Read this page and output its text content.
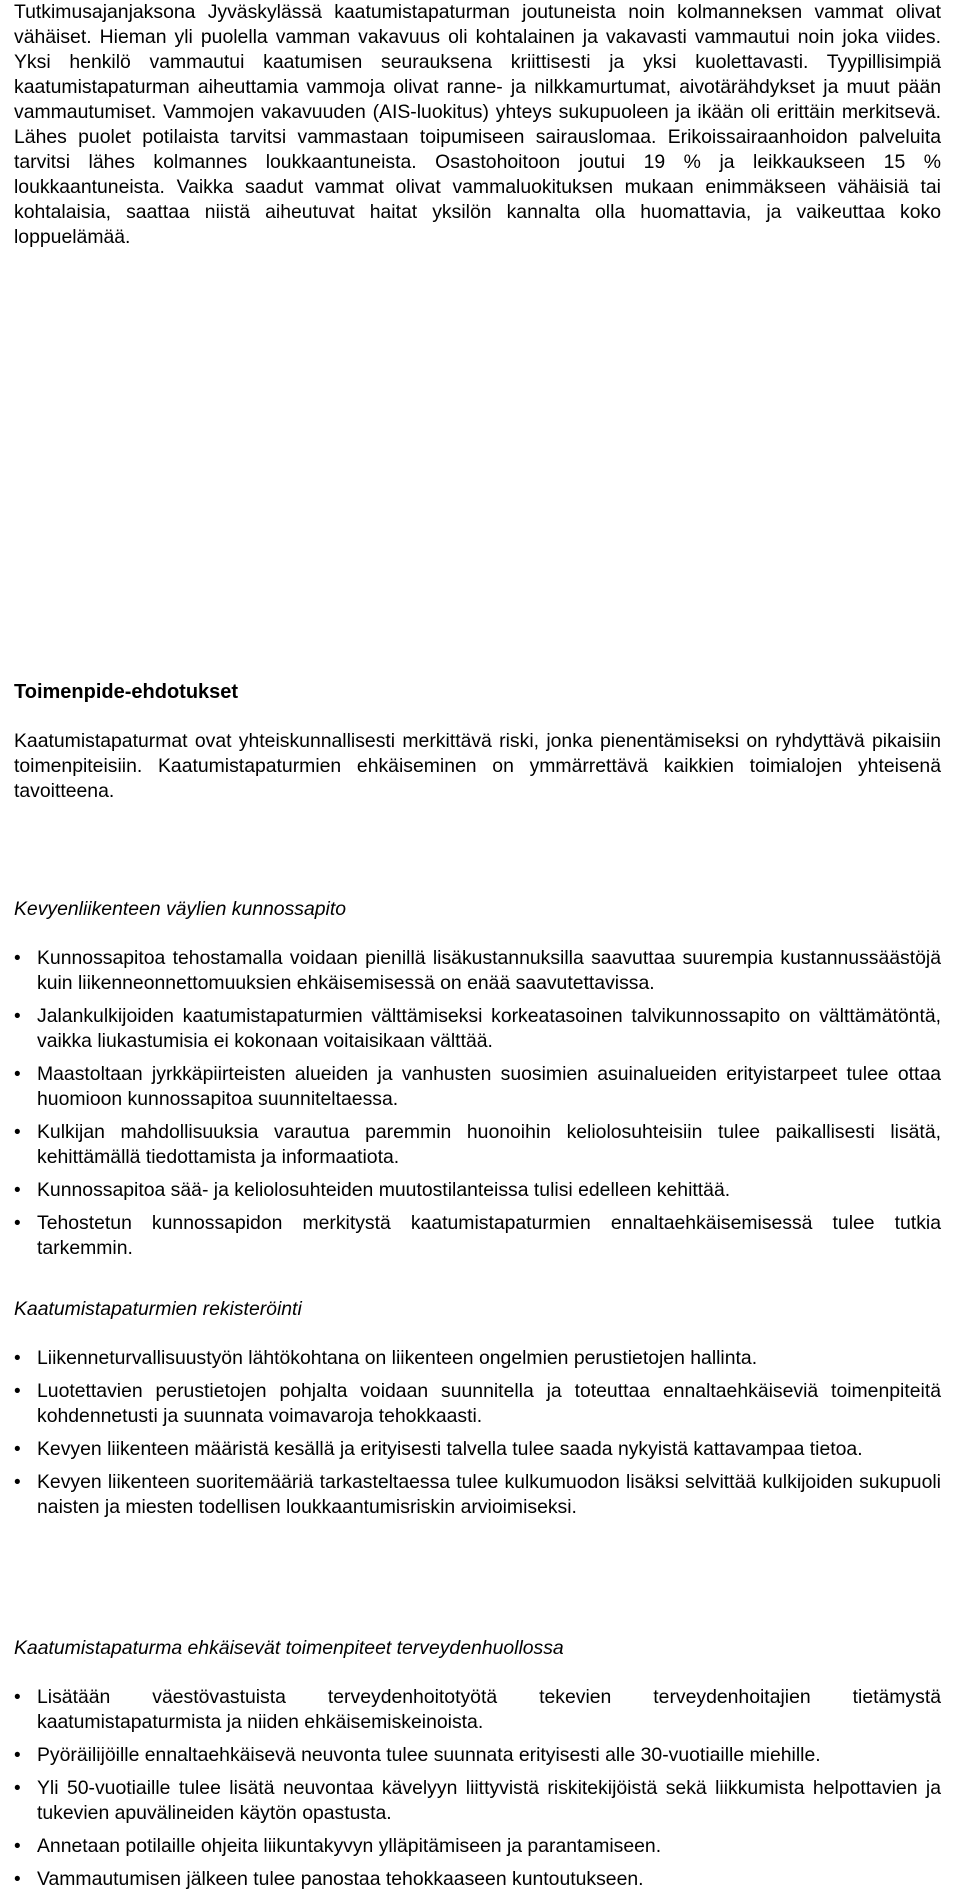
Tutkimusajanjaksona Jyväskylässä kaatumistapaturman joutuneista noin kolmanneksen vammat olivat vähäiset. Hieman yli puolella vamman vakavuus oli kohtalainen ja vakavasti vammautui noin joka viides. Yksi henkilö vammautui kaatumisen seurauksena kriittisesti ja yksi kuolettavasti. Tyypillisimpiä kaatumistapaturman aiheuttamia vammoja olivat ranne- ja nilkkamurtumat, aivotärähdykset ja muut pään vammautumiset. Vammojen vakavuuden (AIS-luokitus) yhteys sukupuoleen ja ikään oli erittäin merkitsevä. Lähes puolet potilaista tarvitsi vammastaan toipumiseen sairauslomaa. Erikoissairaanhoidon palveluita tarvitsi lähes kolmannes loukkaantuneista. Osastohoitoon joutui 19 % ja leikkaukseen 15 % loukkaantuneista. Vaikka saadut vammat olivat vammaluokituksen mukaan enimmäkseen vähäisiä tai kohtalaisia, saattaa niistä aiheutuvat haitat yksilön kannalta olla huomattavia, ja vaikeuttaa koko loppuelämää.

Toimenpide-ehdotukset

Kaatumistapaturmat ovat yhteiskunnallisesti merkittävä riski, jonka pienentämiseksi on ryhdyttävä pikaisiin toimenpiteisiin. Kaatumistapaturmien ehkäiseminen on ymmärrettävä kaikkien toimialojen yhteisenä tavoitteena.

Kevyenliikenteen väylien kunnossapito
• Kunnossapitoa tehostamalla voidaan pienillä lisäkustannuksilla saavuttaa suurempia kustannussäästöjä kuin liikenneonnettomuuksien ehkäisemisessä on enää saavutettavissa.
• Jalankulkijoiden kaatumistapaturmien välttämiseksi korkeatasoinen talvikunnossapito on välttämätöntä, vaikka liukastumisia ei kokonaan voitaisikaan välttää.
• Maastoltaan jyrkkäpiirteisten alueiden ja vanhusten suosimien asuinalueiden erityistarpeet tulee ottaa huomioon kunnossapitoa suunniteltaessa.
• Kulkijan mahdollisuuksia varautua paremmin huonoihin keliolosuhteisiin tulee paikallisesti lisätä, kehittämällä tiedottamista ja informaatiota.
• Kunnossapitoa sää- ja keliolosuhteiden muutostilanteissa tulisi edelleen kehittää.
• Tehostetun kunnossapidon merkitystä kaatumistapaturmien ennaltaehkäisemisessä tulee tutkia tarkemmin.
Kaatumistapaturmien rekisteröinti
• Liikenneturvallisuustyön lähtökohtana on liikenteen ongelmien perustietojen hallinta.
• Luotettavien perustietojen pohjalta voidaan suunnitella ja toteuttaa ennaltaehkäiseviä toimenpiteitä kohdennetusti ja suunnata voimavaroja tehokkaasti.
• Kevyen liikenteen määristä kesällä ja erityisesti talvella tulee saada nykyistä kattavampaa tietoa.
• Kevyen liikenteen suoritemääriä tarkasteltaessa tulee kulkumuodon lisäksi selvittää kulkijoiden sukupuoli naisten ja miesten todellisen loukkaantumisriskin arvioimiseksi.
Kaatumistapaturma ehkäisevät toimenpiteet terveydenhuollossa
• Lisätään väestövastuista terveydenhoitotyötä tekevien terveydenhoitajien tietämystä kaatumistapaturmista ja niiden ehkäisemiskeinoista.
• Pyöräilijöille ennaltaehkäisevä neuvonta tulee suunnata erityisesti alle 30-vuotiaille miehille.
• Yli 50-vuotiaille tulee lisätä neuvontaa kävelyyn liittyvistä riskitekijöistä sekä liikkumista helpottavien ja tukevien apuvälineiden käytön opastusta.
• Annetaan potilaille ohjeita liikuntakyvyn ylläpitämiseen ja parantamiseen.
• Vammautumisen jälkeen tulee panostaa tehokkaaseen kuntoutukseen.
